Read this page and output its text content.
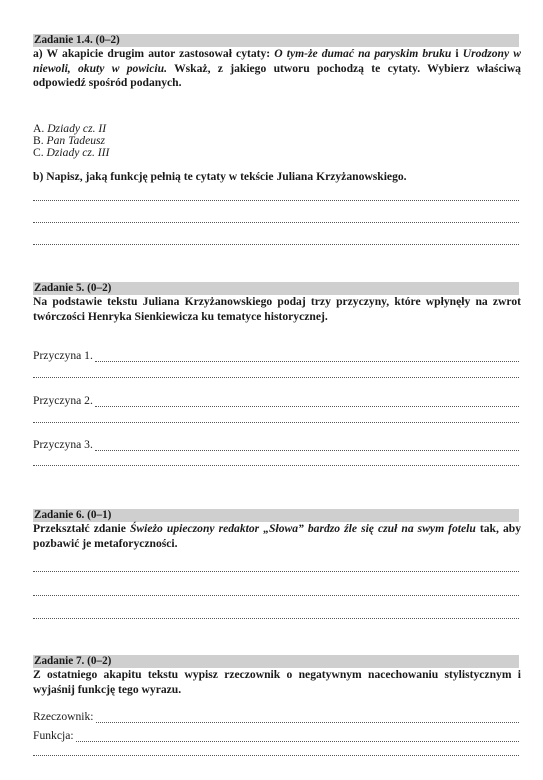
Zadanie 1.4. (0–2)
a) W akapicie drugim autor zastosował cytaty: O tym-że dumać na paryskim bruku i Urodzony w niewoli, okuty w powiciu. Wskaż, z jakiego utworu pochodzą te cytaty. Wybierz właściwą odpowiedź spośród podanych.
A. Dziady cz. II
B. Pan Tadeusz
C. Dziady cz. III
b) Napisz, jaką funkcję pełnią te cytaty w tekście Juliana Krzyżanowskiego.
Zadanie 5. (0–2)
Na podstawie tekstu Juliana Krzyżanowskiego podaj trzy przyczyny, które wpłynęły na zwrot twórczości Henryka Sienkiewicza ku tematyce historycznej.
Przyczyna 1.
Przyczyna 2.
Przyczyna 3.
Zadanie 6. (0–1)
Przekształć zdanie Świeżo upieczony redaktor „Słowa” bardzo źle się czuł na swym fotelu tak, aby pozbawić je metaforyczności.
Zadanie 7. (0–2)
Z ostatniego akapitu tekstu wypisz rzeczownik o negatywnym nacechowaniu stylistycznym i wyjaśnij funkcję tego wyrazu.
Rzeczownik:
Funkcja:
